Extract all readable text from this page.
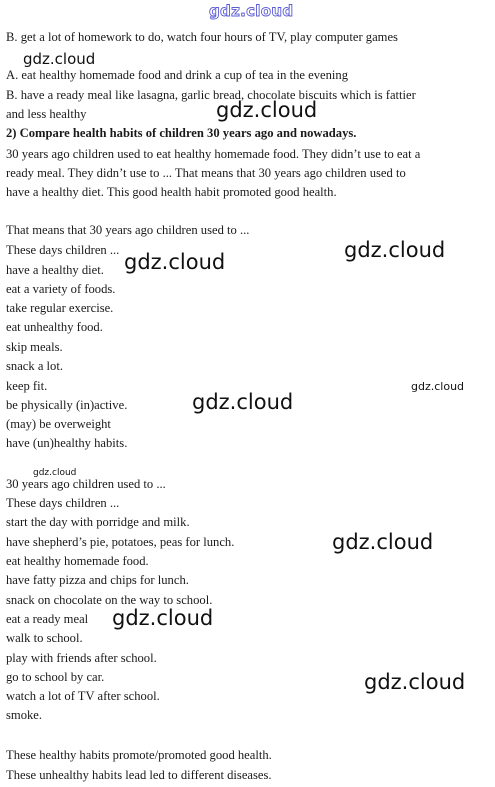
B. get a lot of homework to do, watch four hours of TV, play computer games
A. eat healthy homemade food and drink a cup of tea in the evening
B. have a ready meal like lasagna, garlic bread, chocolate biscuits which is fattier
and less healthy
2) Compare health habits of children 30 years ago and nowadays.
30 years ago children used to eat healthy homemade food. They didn’t use to eat a
ready meal. They didn’t use to ... That means that 30 years ago children used to
have a healthy diet. This good health habit promoted good health.
That means that 30 years ago children used to ...
These days children ...
have a healthy diet.
eat a variety of foods.
take regular exercise.
eat unhealthy food.
skip meals.
snack a lot.
keep fit.
be physically (in)active.
(may) be overweight
have (un)healthy habits.
30 years ago children used to ...
These days children ...
start the day with porridge and milk.
have shepherd’s pie, potatoes, peas for lunch.
eat healthy homemade food.
have fatty pizza and chips for lunch.
snack on chocolate on the way to school.
eat a ready meal
walk to school.
play with friends after school.
go to school by car.
watch a lot of TV after school.
smoke.
These healthy habits promote/promoted good health.
These unhealthy habits lead led to different diseases.
gdz.cloud
gdz.cloud
gdz.cloud
gdz.cloud
gdz.cloud
gdz.cloud
gdz.cloud
gdz.cloud
gdz.cloud
gdz.cloud
gdz.cloud
